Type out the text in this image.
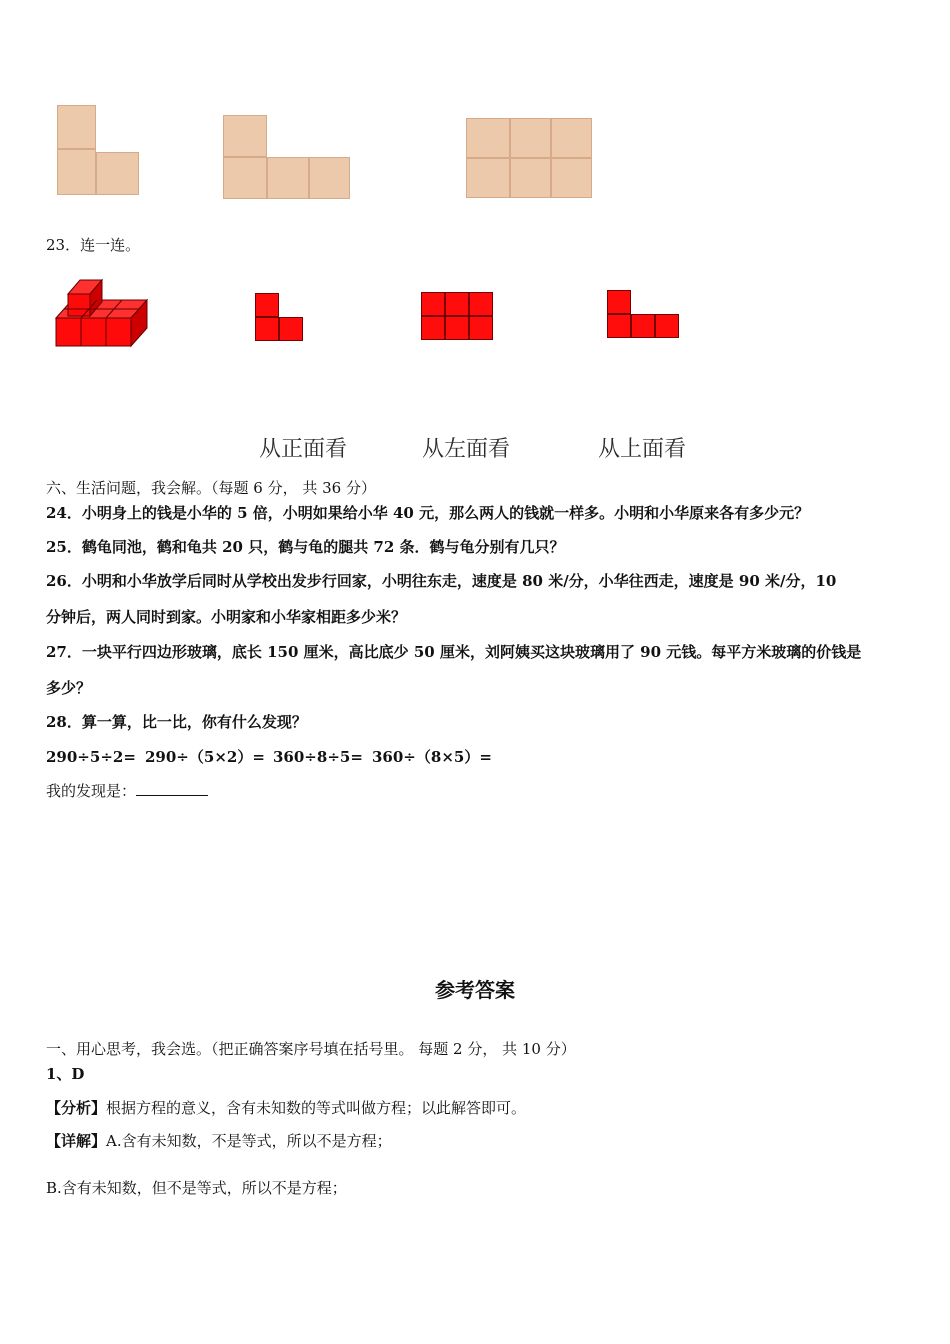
23．连一连。
从正面看	从左面看	从上面看
六、生活问题，我会解。（每题 6 分， 共 36 分）
24．小明身上的钱是小华的 5 倍，小明如果给小华 40 元，那么两人的钱就一样多。小明和小华原来各有多少元？
25．鹤龟同池，鹤和龟共 20 只，鹤与龟的腿共 72 条．鹤与龟分别有几只？
26．小明和小华放学后同时从学校出发步行回家，小明往东走，速度是 80 米/分，小华往西走，速度是 90 米/分，10
分钟后，两人同时到家。小明家和小华家相距多少米？
27．一块平行四边形玻璃，底长 150 厘米，高比底少 50 厘米，刘阿姨买这块玻璃用了 90 元钱。每平方米玻璃的价钱是
多少？
28．算一算，比一比，你有什么发现？
290÷5÷2= 290÷（5×2）= 360÷8÷5= 360÷（8×5）=
我的发现是：
参考答案
一、用心思考，我会选。（把正确答案序号填在括号里。 每题 2 分， 共 10 分）
1、D
【分析】根据方程的意义，含有未知数的等式叫做方程；以此解答即可。
【详解】A.含有未知数，不是等式，所以不是方程；
B.含有未知数，但不是等式，所以不是方程；
